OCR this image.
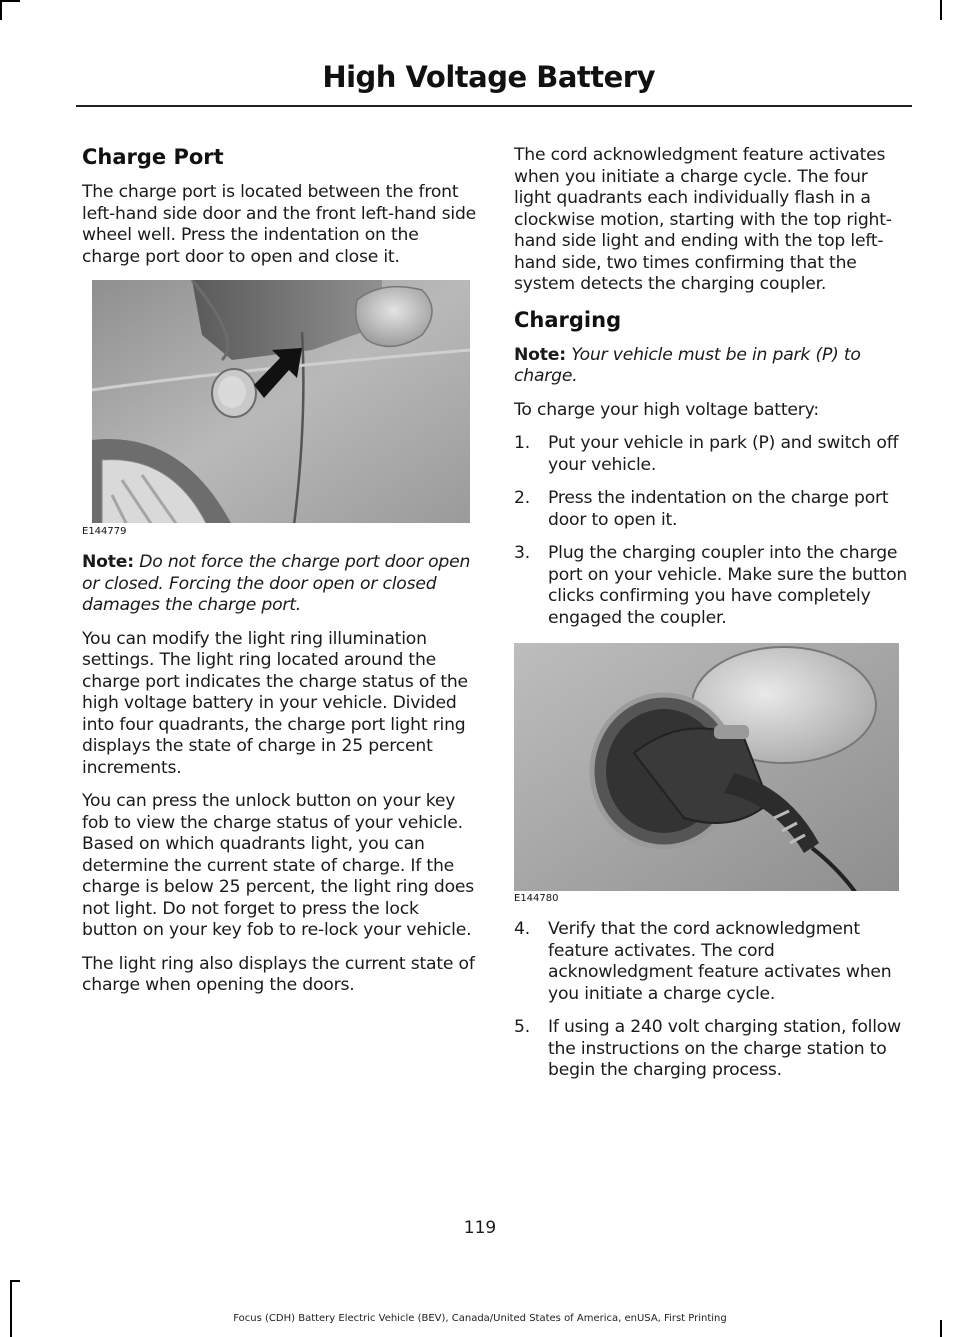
High Voltage Battery
Charge Port

The charge port is located between the front left-hand side door and the front left-hand side wheel well. Press the indentation on the charge port door to open and close it.

E144779

Note: Do not force the charge port door open or closed. Forcing the door open or closed damages the charge port.

You can modify the light ring illumination settings. The light ring located around the charge port indicates the charge status of the high voltage battery in your vehicle. Divided into four quadrants, the charge port light ring displays the state of charge in 25 percent increments.

You can press the unlock button on your key fob to view the charge status of your vehicle. Based on which quadrants light, you can determine the current state of charge. If the charge is below 25 percent, the light ring does not light. Do not forget to press the lock button on your key fob to re-lock your vehicle.

The light ring also displays the current state of charge when opening the doors.

The cord acknowledgment feature activates when you initiate a charge cycle. The four light quadrants each individually flash in a clockwise motion, starting with the top right-hand side light and ending with the top left-hand side, two times confirming that the system detects the charging coupler.

Charging

Note: Your vehicle must be in park (P) to charge.

To charge your high voltage battery:

1. Put your vehicle in park (P) and switch off your vehicle.
2. Press the indentation on the charge port door to open it.
3. Plug the charging coupler into the charge port on your vehicle. Make sure the button clicks confirming you have completely engaged the coupler.
E144780
4. Verify that the cord acknowledgment feature activates. The cord acknowledgment feature activates when you initiate a charge cycle.
5. If using a 240 volt charging station, follow the instructions on the charge station to begin the charging process.
119
Focus (CDH) Battery Electric Vehicle (BEV), Canada/United States of America, enUSA, First Printing
